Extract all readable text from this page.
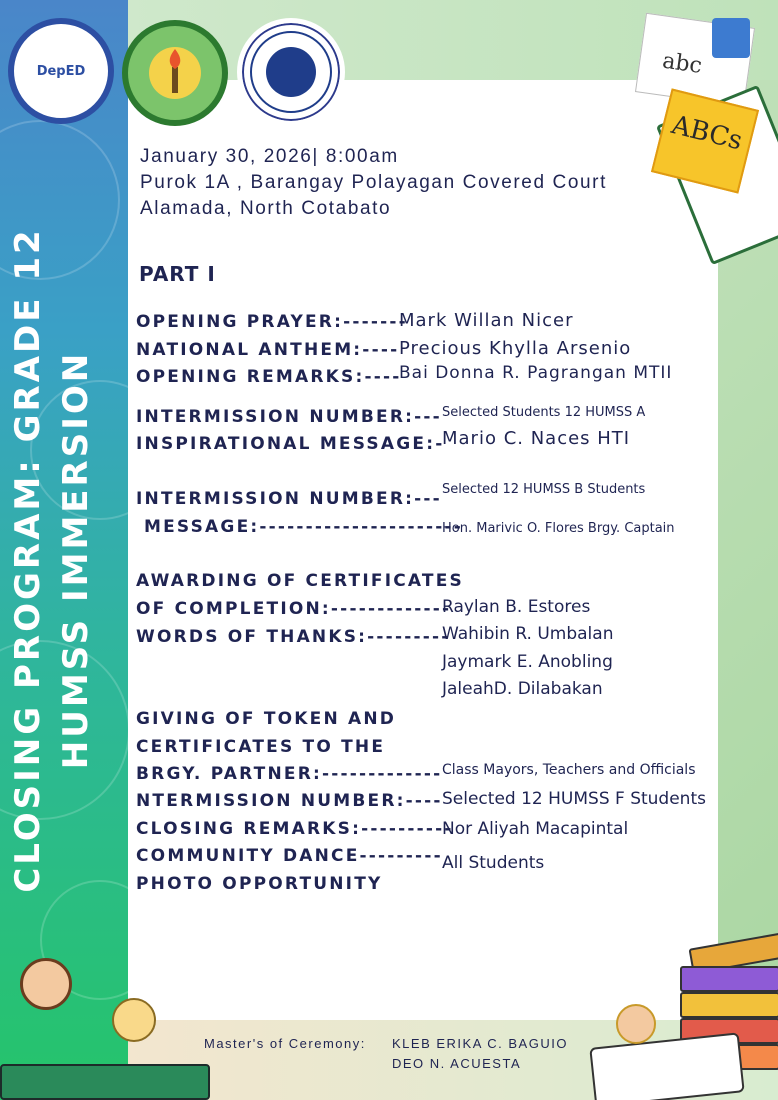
CLOSING PROGRAM: GRADE 12 HUMSS IMMERSION
DepED	abc
ABCs
January 30, 2026| 8:00am
Purok 1A , Barangay Polayagan Covered Court
Alamada, North Cotabato
PART I
OPENING PRAYER:-------
Mark Willan Nicer
NATIONAL ANTHEM:---- Precious Khylla Arsenio
OPENING REMARKS:----
Bai Donna R. Pagrangan MTII
INTERMISSION NUMBER:--- Selected Students 12 HUMSS A
INSPIRATIONAL MESSAGE:-
Mario C. Naces HTI
INTERMISSION NUMBER:--- Selected 12 HUMSS B Students
MESSAGE:----------------------
Hon. Marivic O. Flores Brgy. Captain
AWARDING OF CERTIFICATES
OF COMPLETION:-------------
Raylan B. Estores
WORDS OF THANKS:---------
Wahibin R. Umbalan
Jaymark E. Anobling
JaleahD. Dilabakan
GIVING OF TOKEN AND
CERTIFICATES TO THE
BRGY. PARTNER:------------- Class Mayors, Teachers and Officials
NTERMISSION NUMBER:---- Selected 12 HUMSS F Students
CLOSING REMARKS:----------
Nor Aliyah Macapintal
COMMUNITY DANCE--------- All Students
PHOTO OPPORTUNITY
Master's of Ceremony: KLEB ERIKA C. BAGUIO
DEO N. ACUESTA
